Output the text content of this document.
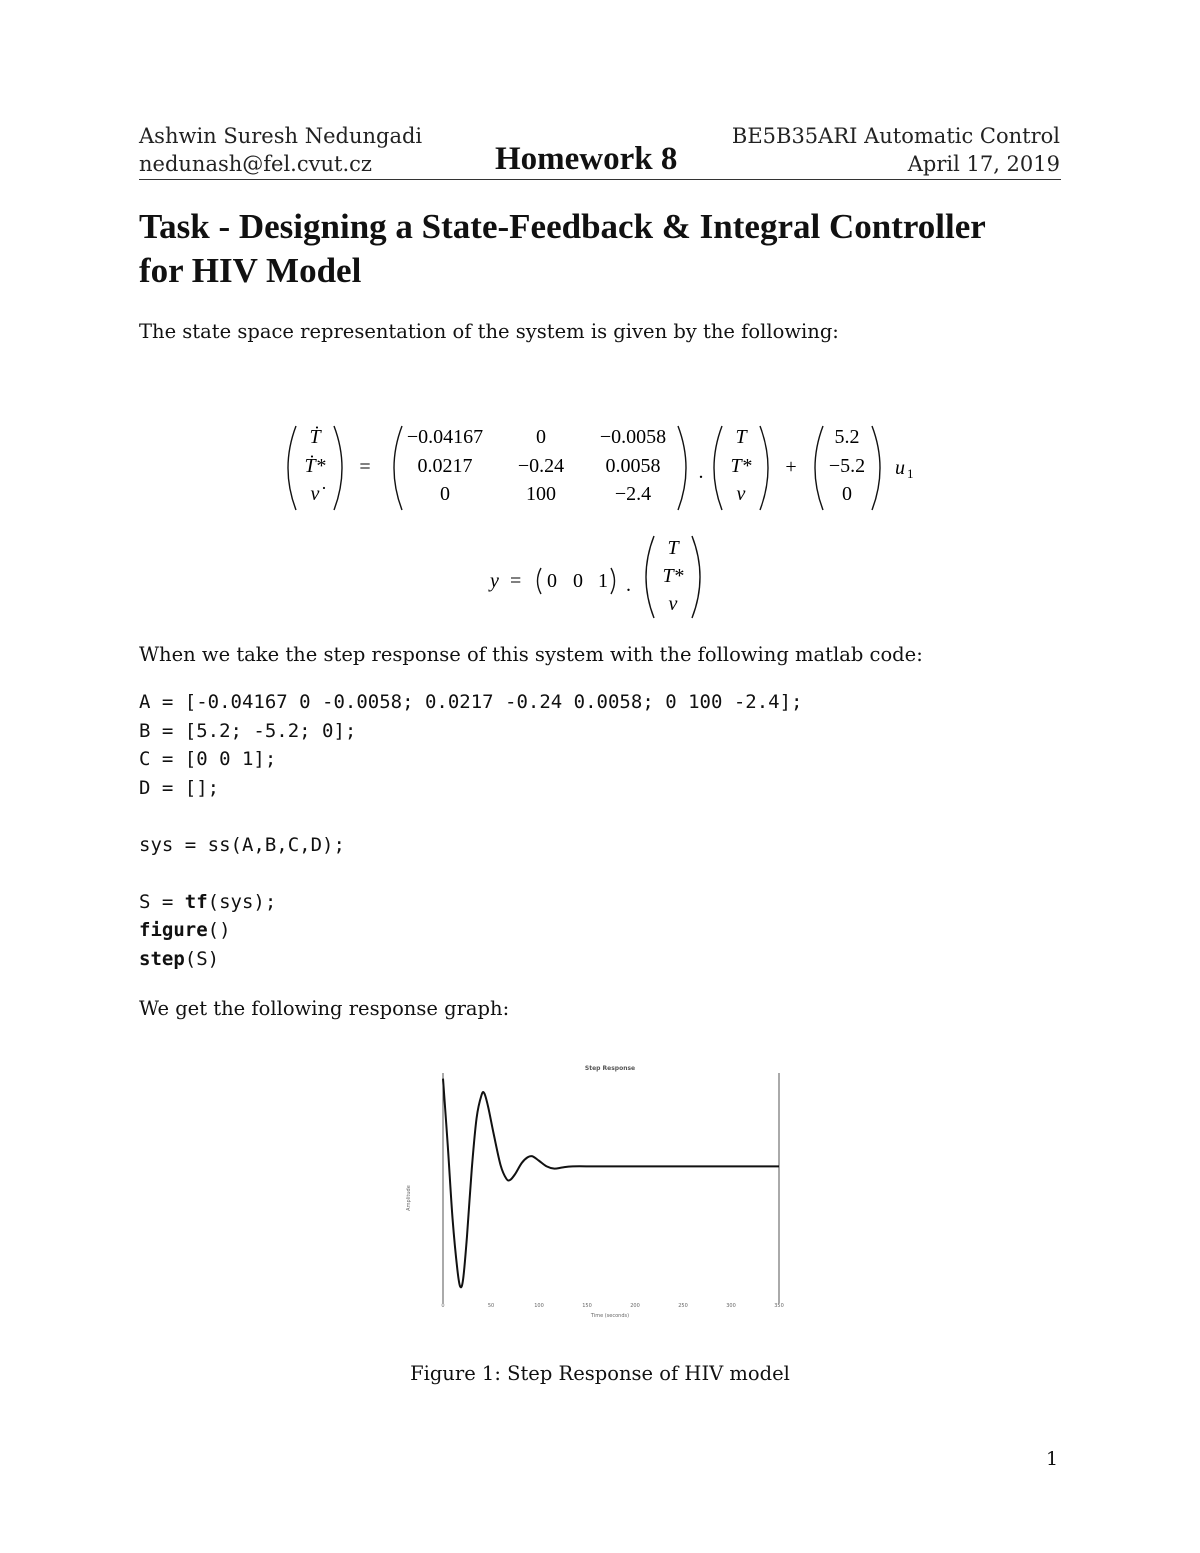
Ashwin Suresh Nedungadi
nedunash@fel.cvut.cz	Homework 8
BE5B35ARI Automatic Control
April 17, 2019
Task - Designing a State-Feedback & Integral Controller
for HIV Model
The state space representation of the system is given by the following:
Ṫ
Ṫ*
ν̇
=
−0.04167	0	−0.0058
0.0217 −0.24 0.0058
0	100	−2.4
.
T
T*
ν
+
5.2
−5.2
0
u 1
y = 0 0 1 .
T
T*
ν
When we take the step response of this system with the following matlab code:
A = [-0.04167 0 -0.0058; 0.0217 -0.24 0.0058; 0 100 -2.4];
B = [5.2; -5.2; 0];
C = [0 0 1];
D = [];

sys = ss(A,B,C,D);

S = tf(sys);
figure()
step(S)
We get the following response graph:
Step Response
Amplitude
Time (seconds)
0	50	100	150	200	250	300	350
Figure 1: Step Response of HIV model
1
